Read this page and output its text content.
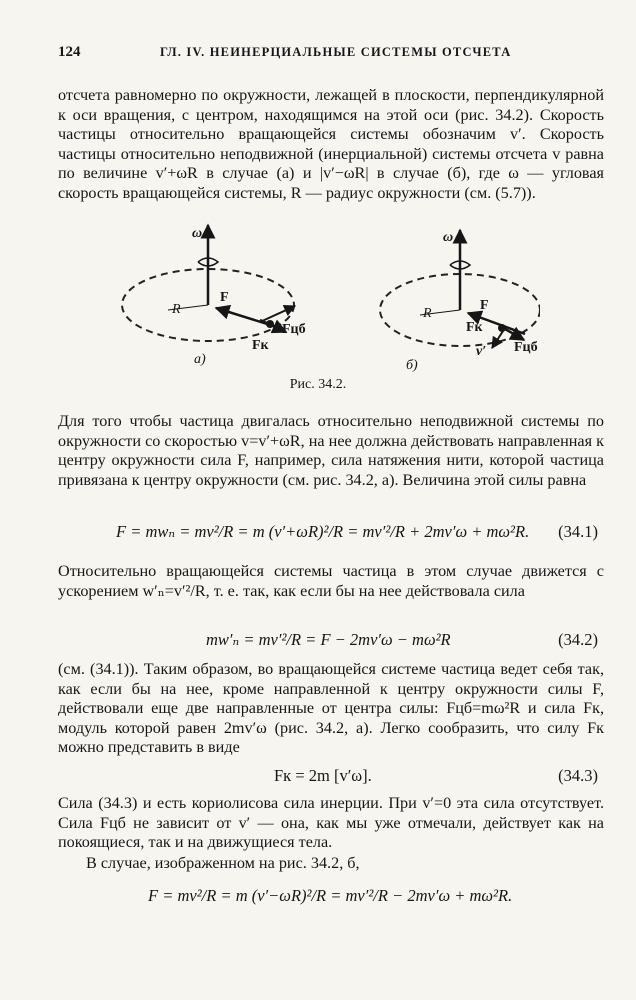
124	ГЛ. IV. НЕИНЕРЦИАЛЬНЫЕ СИСТЕМЫ ОТСЧЕТА

отсчета равномерно по окружности, лежащей в плоскости, перпендикулярной к оси вращения, с центром, находящимся на этой оси (рис. 34.2). Скорость частицы относительно вращающейся системы обозначим v′. Скорость частицы относительно неподвижной (инерциальной) системы отсчета v равна по величине v′+ωR в случае (а) и |v′−ωR| в случае (б), где ω — угловая скорость вращающейся системы, R — радиус окружности (см. (5.7)).

ω
R
F
Fцб
Fк
ω
R
F
Fцб
Fк
v′
а)	б)
Рис. 34.2.

Для того чтобы частица двигалась относительно неподвижной системы по окружности со скоростью v=v′+ωR, на нее должна действовать направленная к центру окружности сила F, например, сила натяжения нити, которой частица привязана к центру окружности (см. рис. 34.2, а). Величина этой силы равна

F = mwₙ = mv²/R = m (v′+ωR)²/R = mv′²/R + 2mv′ω + mω²R. (34.1)

Относительно вращающейся системы частица в этом случае движется с ускорением w′ₙ=v′²/R, т. е. так, как если бы на нее действовала сила

mw′ₙ = mv′²/R = F − 2mv′ω − mω²R	(34.2)

(см. (34.1)). Таким образом, во вращающейся системе частица ведет себя так, как если бы на нее, кроме направленной к центру окружности силы F, действовали еще две направленные от центра силы: Fцб=mω²R и сила Fк, модуль которой равен 2mv′ω (рис. 34.2, а). Легко сообразить, что силу Fк можно представить в виде

Fк = 2m [v′ω].	(34.3)

Сила (34.3) и есть кориолисова сила инерции. При v′=0 эта сила отсутствует. Сила Fцб не зависит от v′ — она, как мы уже отмечали, действует как на покоящиеся, так и на движущиеся тела.

В случае, изображенном на рис. 34.2, б,

F = mv²/R = m (v′−ωR)²/R = mv′²/R − 2mv′ω + mω²R.
